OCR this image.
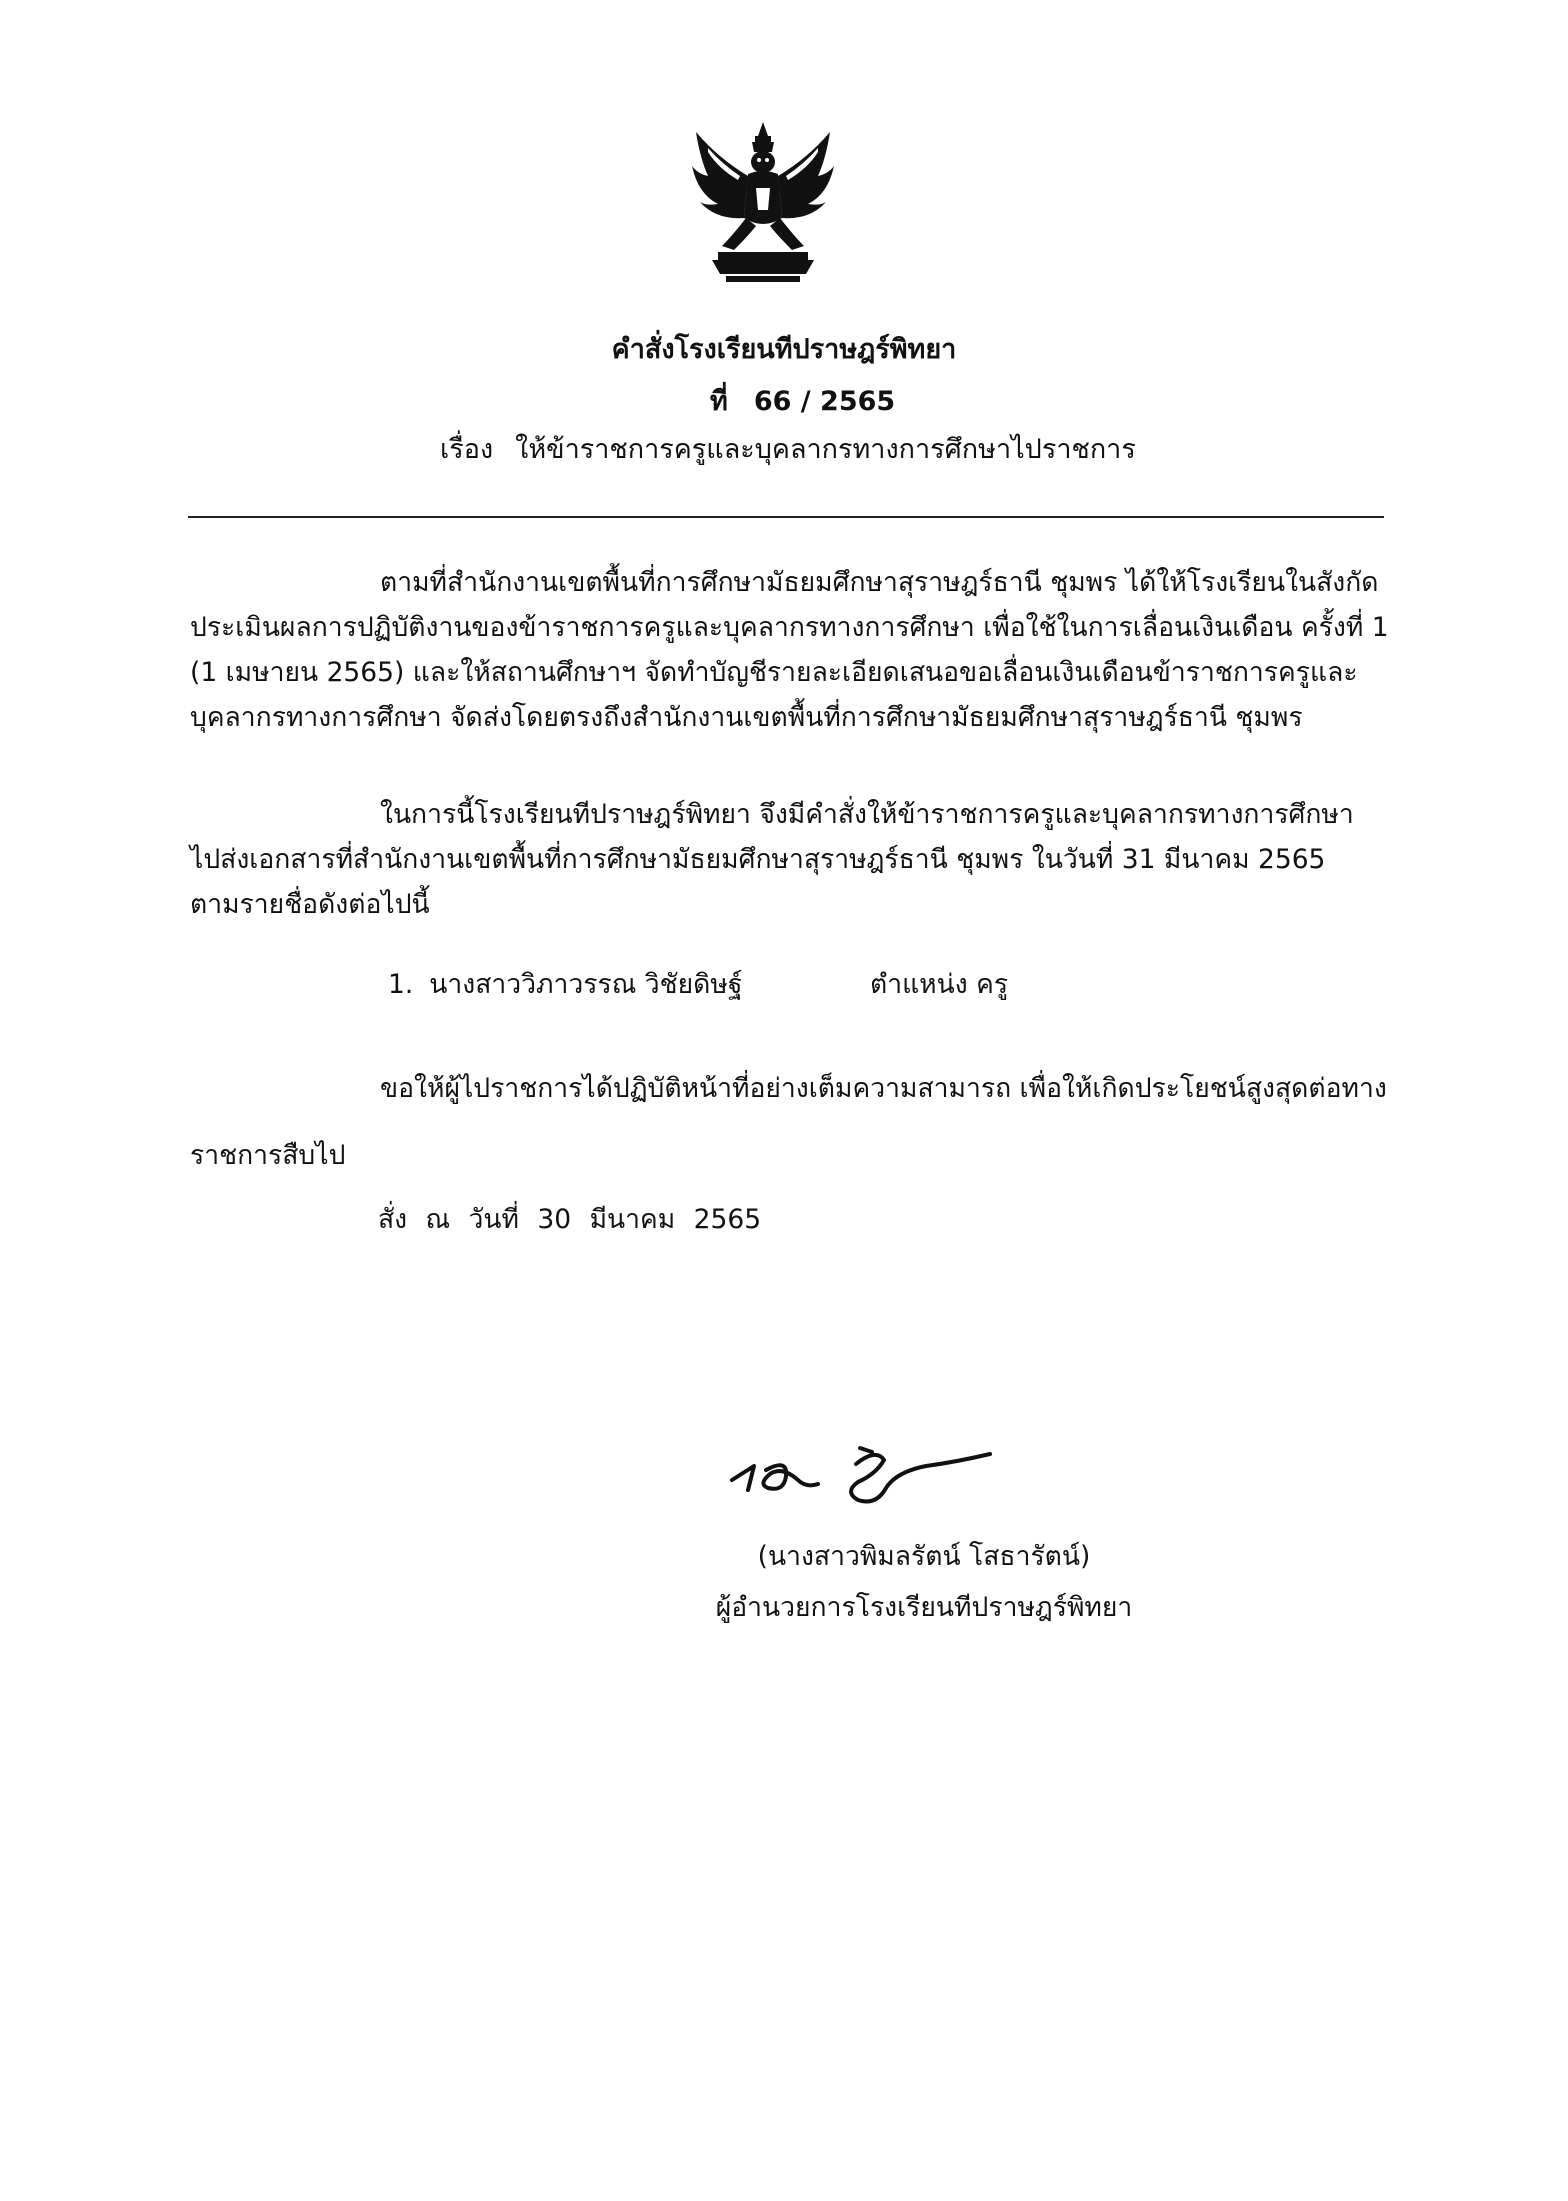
คำสั่งโรงเรียนทีปราษฎร์พิทยา
ที่ 66 / 2565
เรื่อง ให้ข้าราชการครูและบุคลากรทางการศึกษาไปราชการ
ตามที่สำนักงานเขตพื้นที่การศึกษามัธยมศึกษาสุราษฎร์ธานี ชุมพร ได้ให้โรงเรียนในสังกัด
ประเมินผลการปฏิบัติงานของข้าราชการครูและบุคลากรทางการศึกษา เพื่อใช้ในการเลื่อนเงินเดือน ครั้งที่ 1
(1 เมษายน 2565) และให้สถานศึกษาฯ จัดทำบัญชีรายละเอียดเสนอขอเลื่อนเงินเดือนข้าราชการครูและ
บุคลากรทางการศึกษา จัดส่งโดยตรงถึงสำนักงานเขตพื้นที่การศึกษามัธยมศึกษาสุราษฎร์ธานี ชุมพร
ในการนี้โรงเรียนทีปราษฎร์พิทยา จึงมีคำสั่งให้ข้าราชการครูและบุคลากรทางการศึกษา
ไปส่งเอกสารที่สำนักงานเขตพื้นที่การศึกษามัธยมศึกษาสุราษฎร์ธานี ชุมพร ในวันที่ 31 มีนาคม 2565
ตามรายชื่อดังต่อไปนี้
1. นางสาววิภาวรรณ วิชัยดิษฐ์	ตำแหน่ง ครู
ขอให้ผู้ไปราชการได้ปฏิบัติหน้าที่อย่างเต็มความสามารถ เพื่อให้เกิดประโยชน์สูงสุดต่อทาง
ราชการสืบไป
สั่ง ณ วันที่ 30 มีนาคม 2565
(นางสาวพิมลรัตน์ โสธารัตน์)
ผู้อำนวยการโรงเรียนทีปราษฎร์พิทยา
